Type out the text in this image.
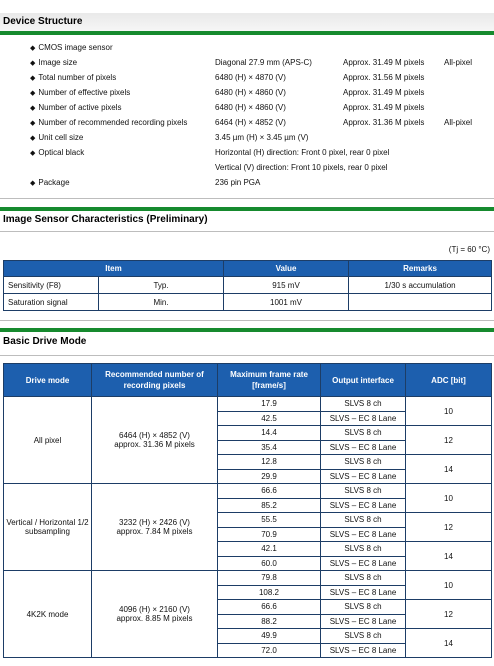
Device Structure
◆ CMOS image sensor
◆ Image size	Diagonal 27.9 mm (APS-C)	Approx. 31.49 M pixels All-pixel
◆ Total number of pixels	6480 (H) × 4870 (V)	Approx. 31.56 M pixels
◆ Number of effective pixels	6480 (H) × 4860 (V)	Approx. 31.49 M pixels
◆ Number of active pixels	6480 (H) × 4860 (V)	Approx. 31.49 M pixels
◆ Number of recommended recording pixels	6464 (H) × 4852 (V)	Approx. 31.36 M pixels All-pixel
◆ Unit cell size	3.45 µm (H) × 3.45 µm (V)
◆ Optical black	Horizontal (H) direction: Front 0 pixel, rear 0 pixel
Vertical (V) direction: Front 10 pixels, rear 0 pixel
◆ Package	236 pin PGA
Image Sensor Characteristics (Preliminary)
(Tj = 60 °C)
Item		Value	Remarks
Sensitivity (F8)	Typ.	915 mV	1/30 s accumulation
Saturation signal	Min.	1001 mV	
Basic Drive Mode
Drive mode	Recommended number of recording pixels	Maximum frame rate [frame/s]	Output interface	ADC [bit]
All pixel	6464 (H) × 4852 (V)
approx. 31.36 M pixels	17.9	SLVS 8 ch	10
		42.5	SLVS – EC 8 Lane	
		14.4	SLVS 8 ch	12
		35.4	SLVS – EC 8 Lane	
		12.8	SLVS 8 ch	14
		29.9	SLVS – EC 8 Lane	
Vertical / Horizontal 1/2 subsampling	3232 (H) × 2426 (V)
approx. 7.84 M pixels	66.6	SLVS 8 ch	10
		85.2	SLVS – EC 8 Lane	
		55.5	SLVS 8 ch	12
		70.9	SLVS – EC 8 Lane	
		42.1	SLVS 8 ch	14
		60.0	SLVS – EC 8 Lane	
4K2K mode	4096 (H) × 2160 (V)
approx. 8.85 M pixels	79.8	SLVS 8 ch	10
		108.2	SLVS – EC 8 Lane	
		66.6	SLVS 8 ch	12
		88.2	SLVS – EC 8 Lane	
		49.9	SLVS 8 ch	14
		72.0	SLVS – EC 8 Lane	
